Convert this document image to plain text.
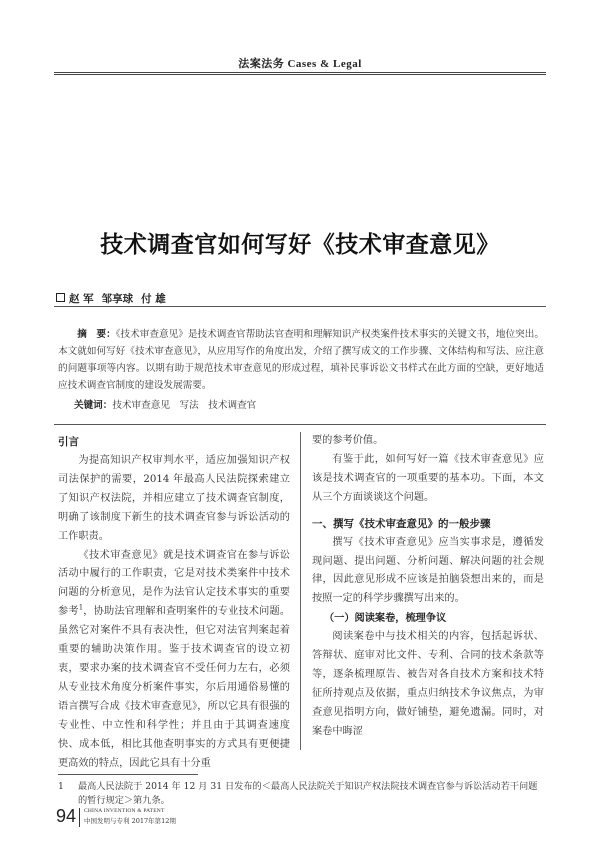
法案法务 Cases & Legal
技术调查官如何写好《技术审查意见》
赵 军 邹享球 付 雄
摘　要：《技术审查意见》是技术调查官帮助法官查明和理解知识产权类案件技术事实的关键文书，地位突出。本文就如何写好《技术审查意见》，从应用写作的角度出发，介绍了撰写成文的工作步骤、文体结构和写法、应注意的问题事项等内容。以期有助于规范技术审查意见的形成过程，填补民事诉讼文书样式在此方面的空缺，更好地适应技术调查官制度的建设发展需要。
关键词：技术审查意见　写法　技术调查官
引言

为提高知识产权审判水平，适应加强知识产权司法保护的需要，2014 年最高人民法院探索建立了知识产权法院，并相应建立了技术调查官制度，明确了该制度下新生的技术调查官参与诉讼活动的工作职责。

《技术审查意见》就是技术调查官在参与诉讼活动中履行的工作职责，它是对技术类案件中技术问题的分析意见，是作为法官认定技术事实的重要参考$^1$，协助法官理解和查明案件的专业技术问题。虽然它对案件不具有表决性，但它对法官判案起着重要的辅助决策作用。鉴于技术调查官的设立初衷，要求办案的技术调查官不受任何力左右，必须从专业技术角度分析案件事实，尔后用通俗易懂的语言撰写合成《技术审查意见》，所以它具有很强的专业性、中立性和科学性；并且由于其调查速度快、成本低，相比其他查明事实的方式具有更便捷更高效的特点，因此它具有十分重

要的参考价值。

有鉴于此，如何写好一篇《技术审查意见》应该是技术调查官的一项重要的基本功。下面，本文从三个方面谈谈这个问题。

一、撰写《技术审查意见》的一般步骤

撰写《技术审查意见》应当实事求是，遵循发现问题、提出问题、分析问题、解决问题的社会规律，因此意见形成不应该是拍脑袋想出来的，而是按照一定的科学步骤撰写出来的。

（一）阅读案卷，梳理争议

阅读案卷中与技术相关的内容，包括起诉状、答辩状、庭审对比文件、专利、合同的技术条款等等，逐条梳理原告、被告对各自技术方案和技术特征所持观点及依据，重点归纳技术争议焦点，为审查意见指明方向，做好铺垫，避免遗漏。同时，对案卷中晦涩

1 最高人民法院于 2014 年 12 月 31 日发布的＜最高人民法院关于知识产权法院技术调查官参与诉讼活动若干问题的暂行规定＞第九条。
94 CHINA INVENTION & PATENT
中国发明与专利 2017年第12期
